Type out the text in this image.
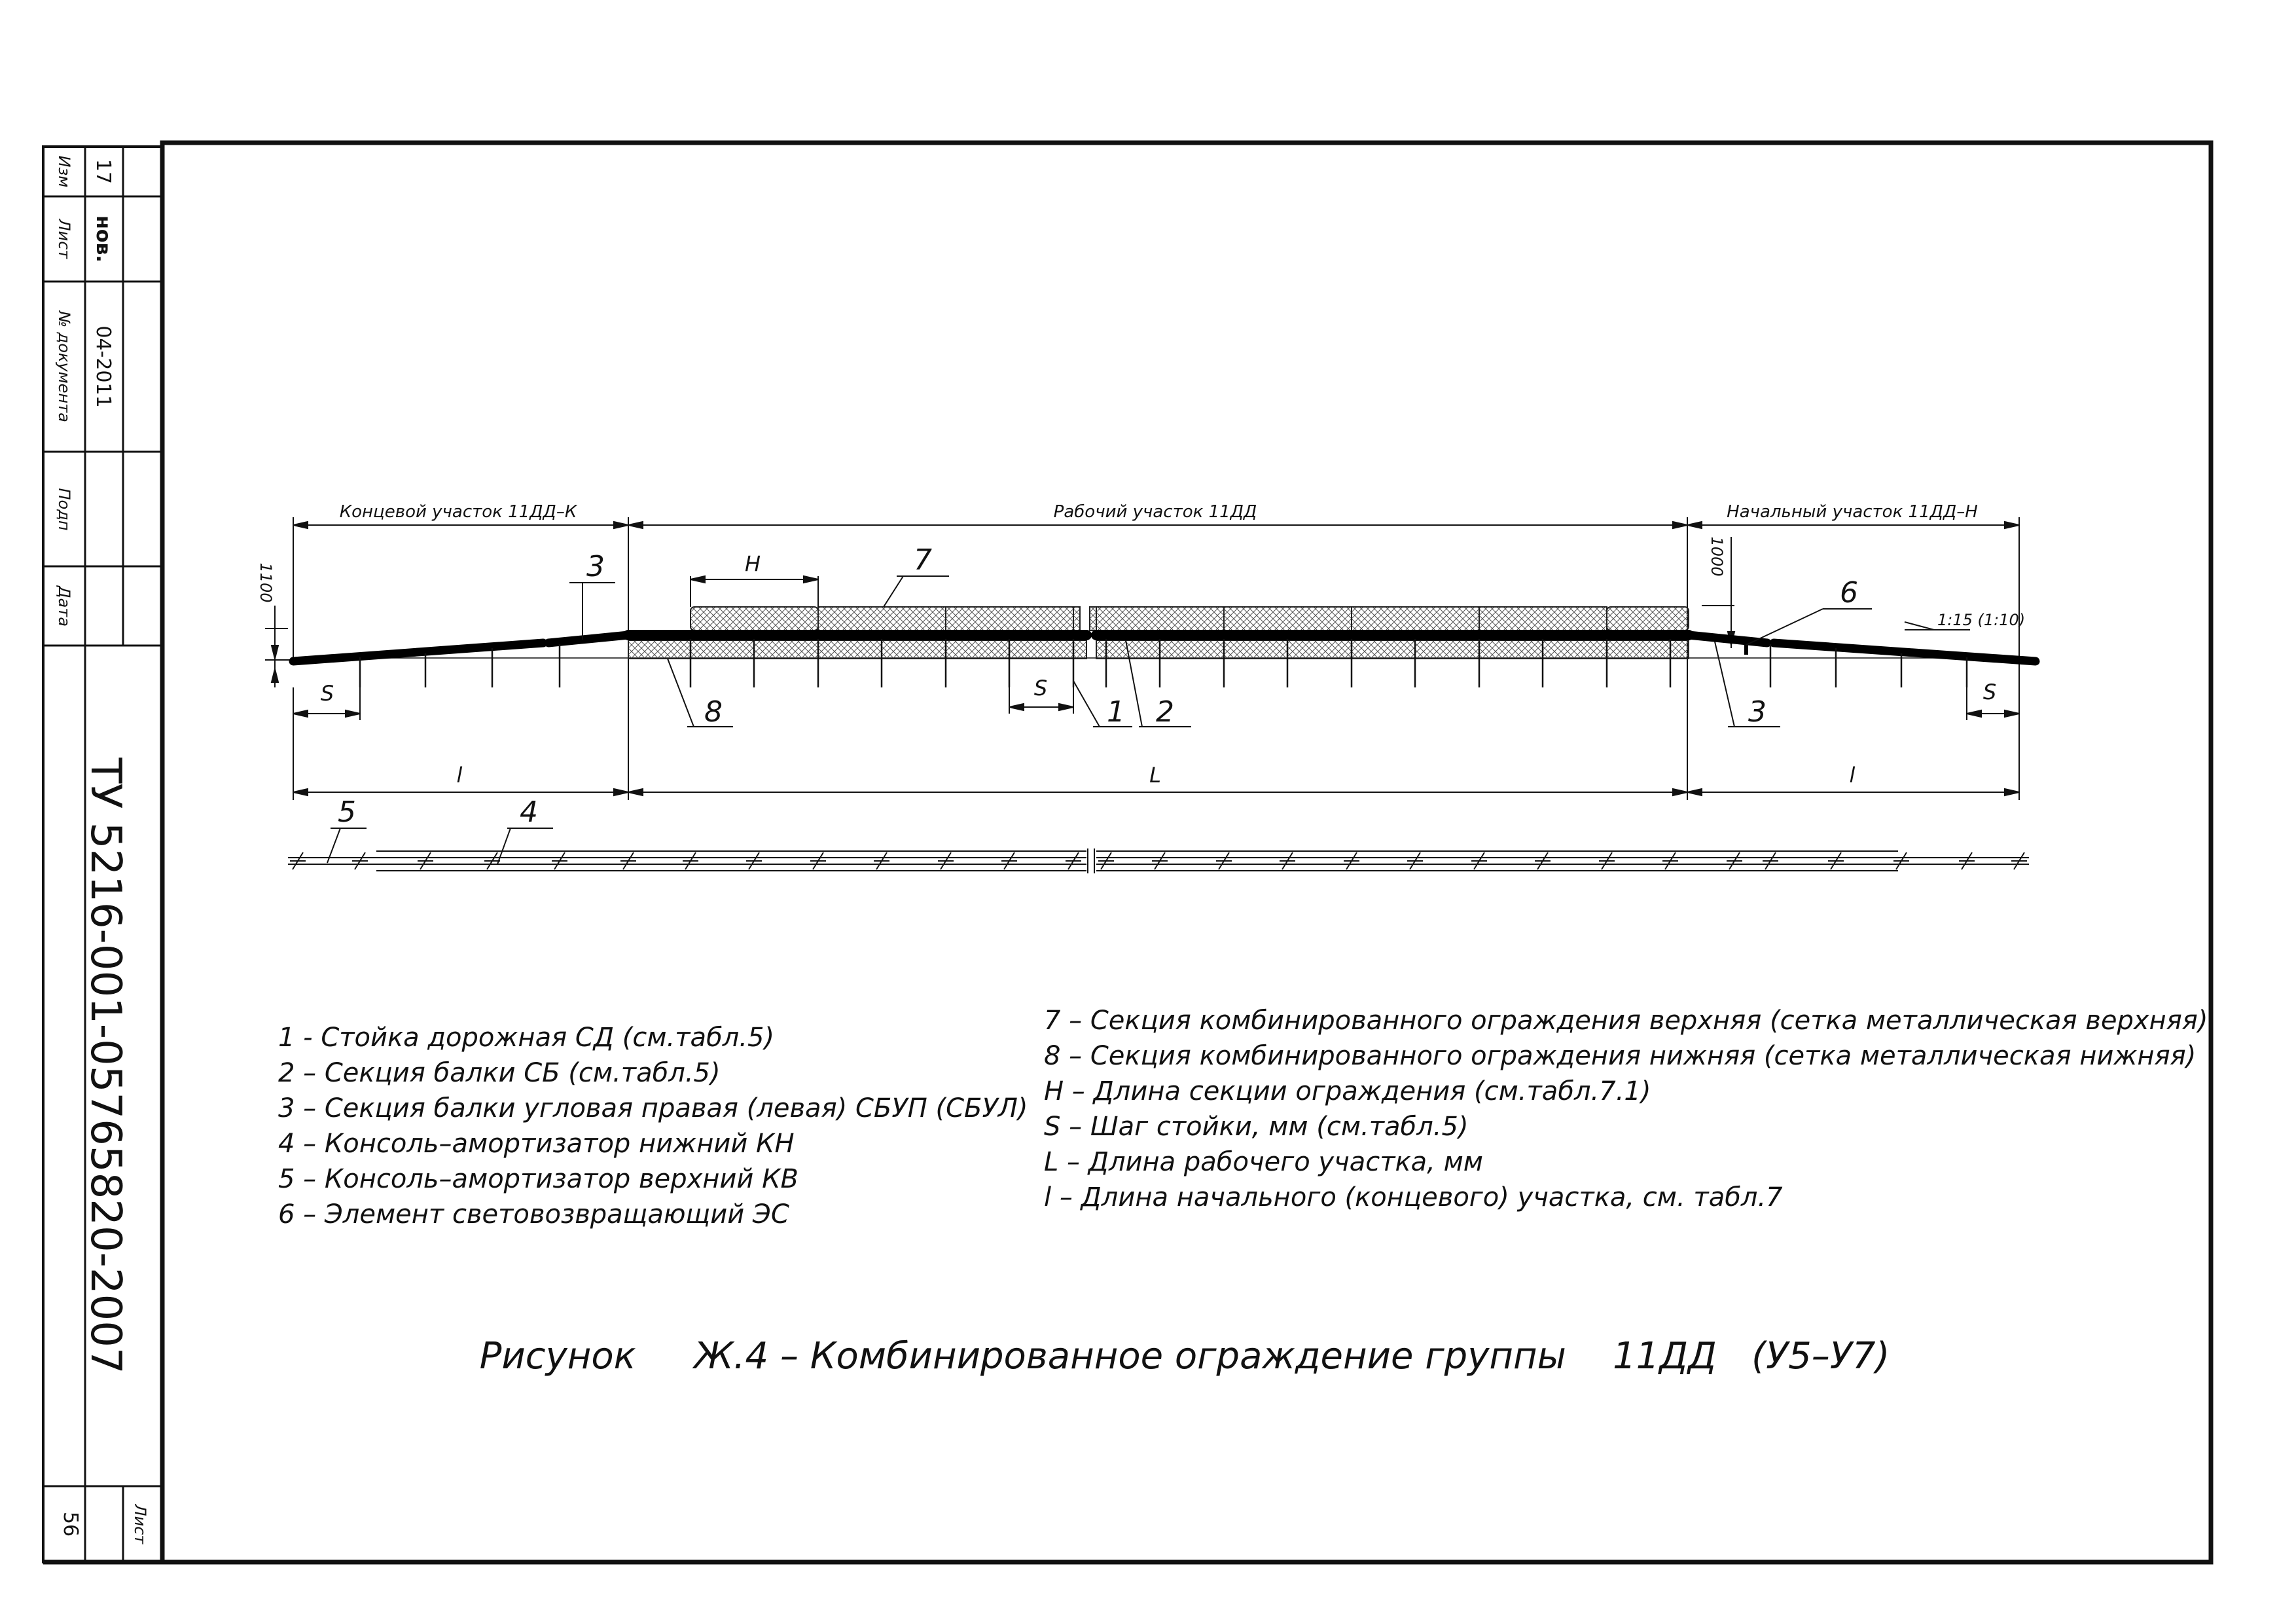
Изм
Лист
№ документа
Подп
Дата
17
нов.
04-2011
Лист
56
ТУ 5216-001-05765820-2007
Концевой участок 11ДД–К	Рабочий участок 11ДД	Начальный участок 11ДД–Н
1100
1000
H
S	S	S
l	L	l
1:15 (1:10)
3	7
8	1 2	3
6
5	4
1 - Стойка дорожная СД (см.табл.5)
2 – Секция балки СБ (см.табл.5)
3 – Секция балки угловая правая (левая) СБУП (СБУЛ)
4 – Консоль–амортизатор нижний КН
5 – Консоль–амортизатор верхний КВ
6 – Элемент световозвращающий ЭС
7 – Секция комбинированного ограждения верхняя (сетка металлическая верхняя)
8 – Секция комбинированного ограждения нижняя (сетка металлическая нижняя)
H – Длина секции ограждения (см.табл.7.1)
S – Шаг стойки, мм (см.табл.5)
L – Длина рабочего участка, мм
l – Длина начального (концевого) участка, см. табл.7
Рисунок     Ж.4 – Комбинированное ограждение группы    11ДД   (У5–У7)
